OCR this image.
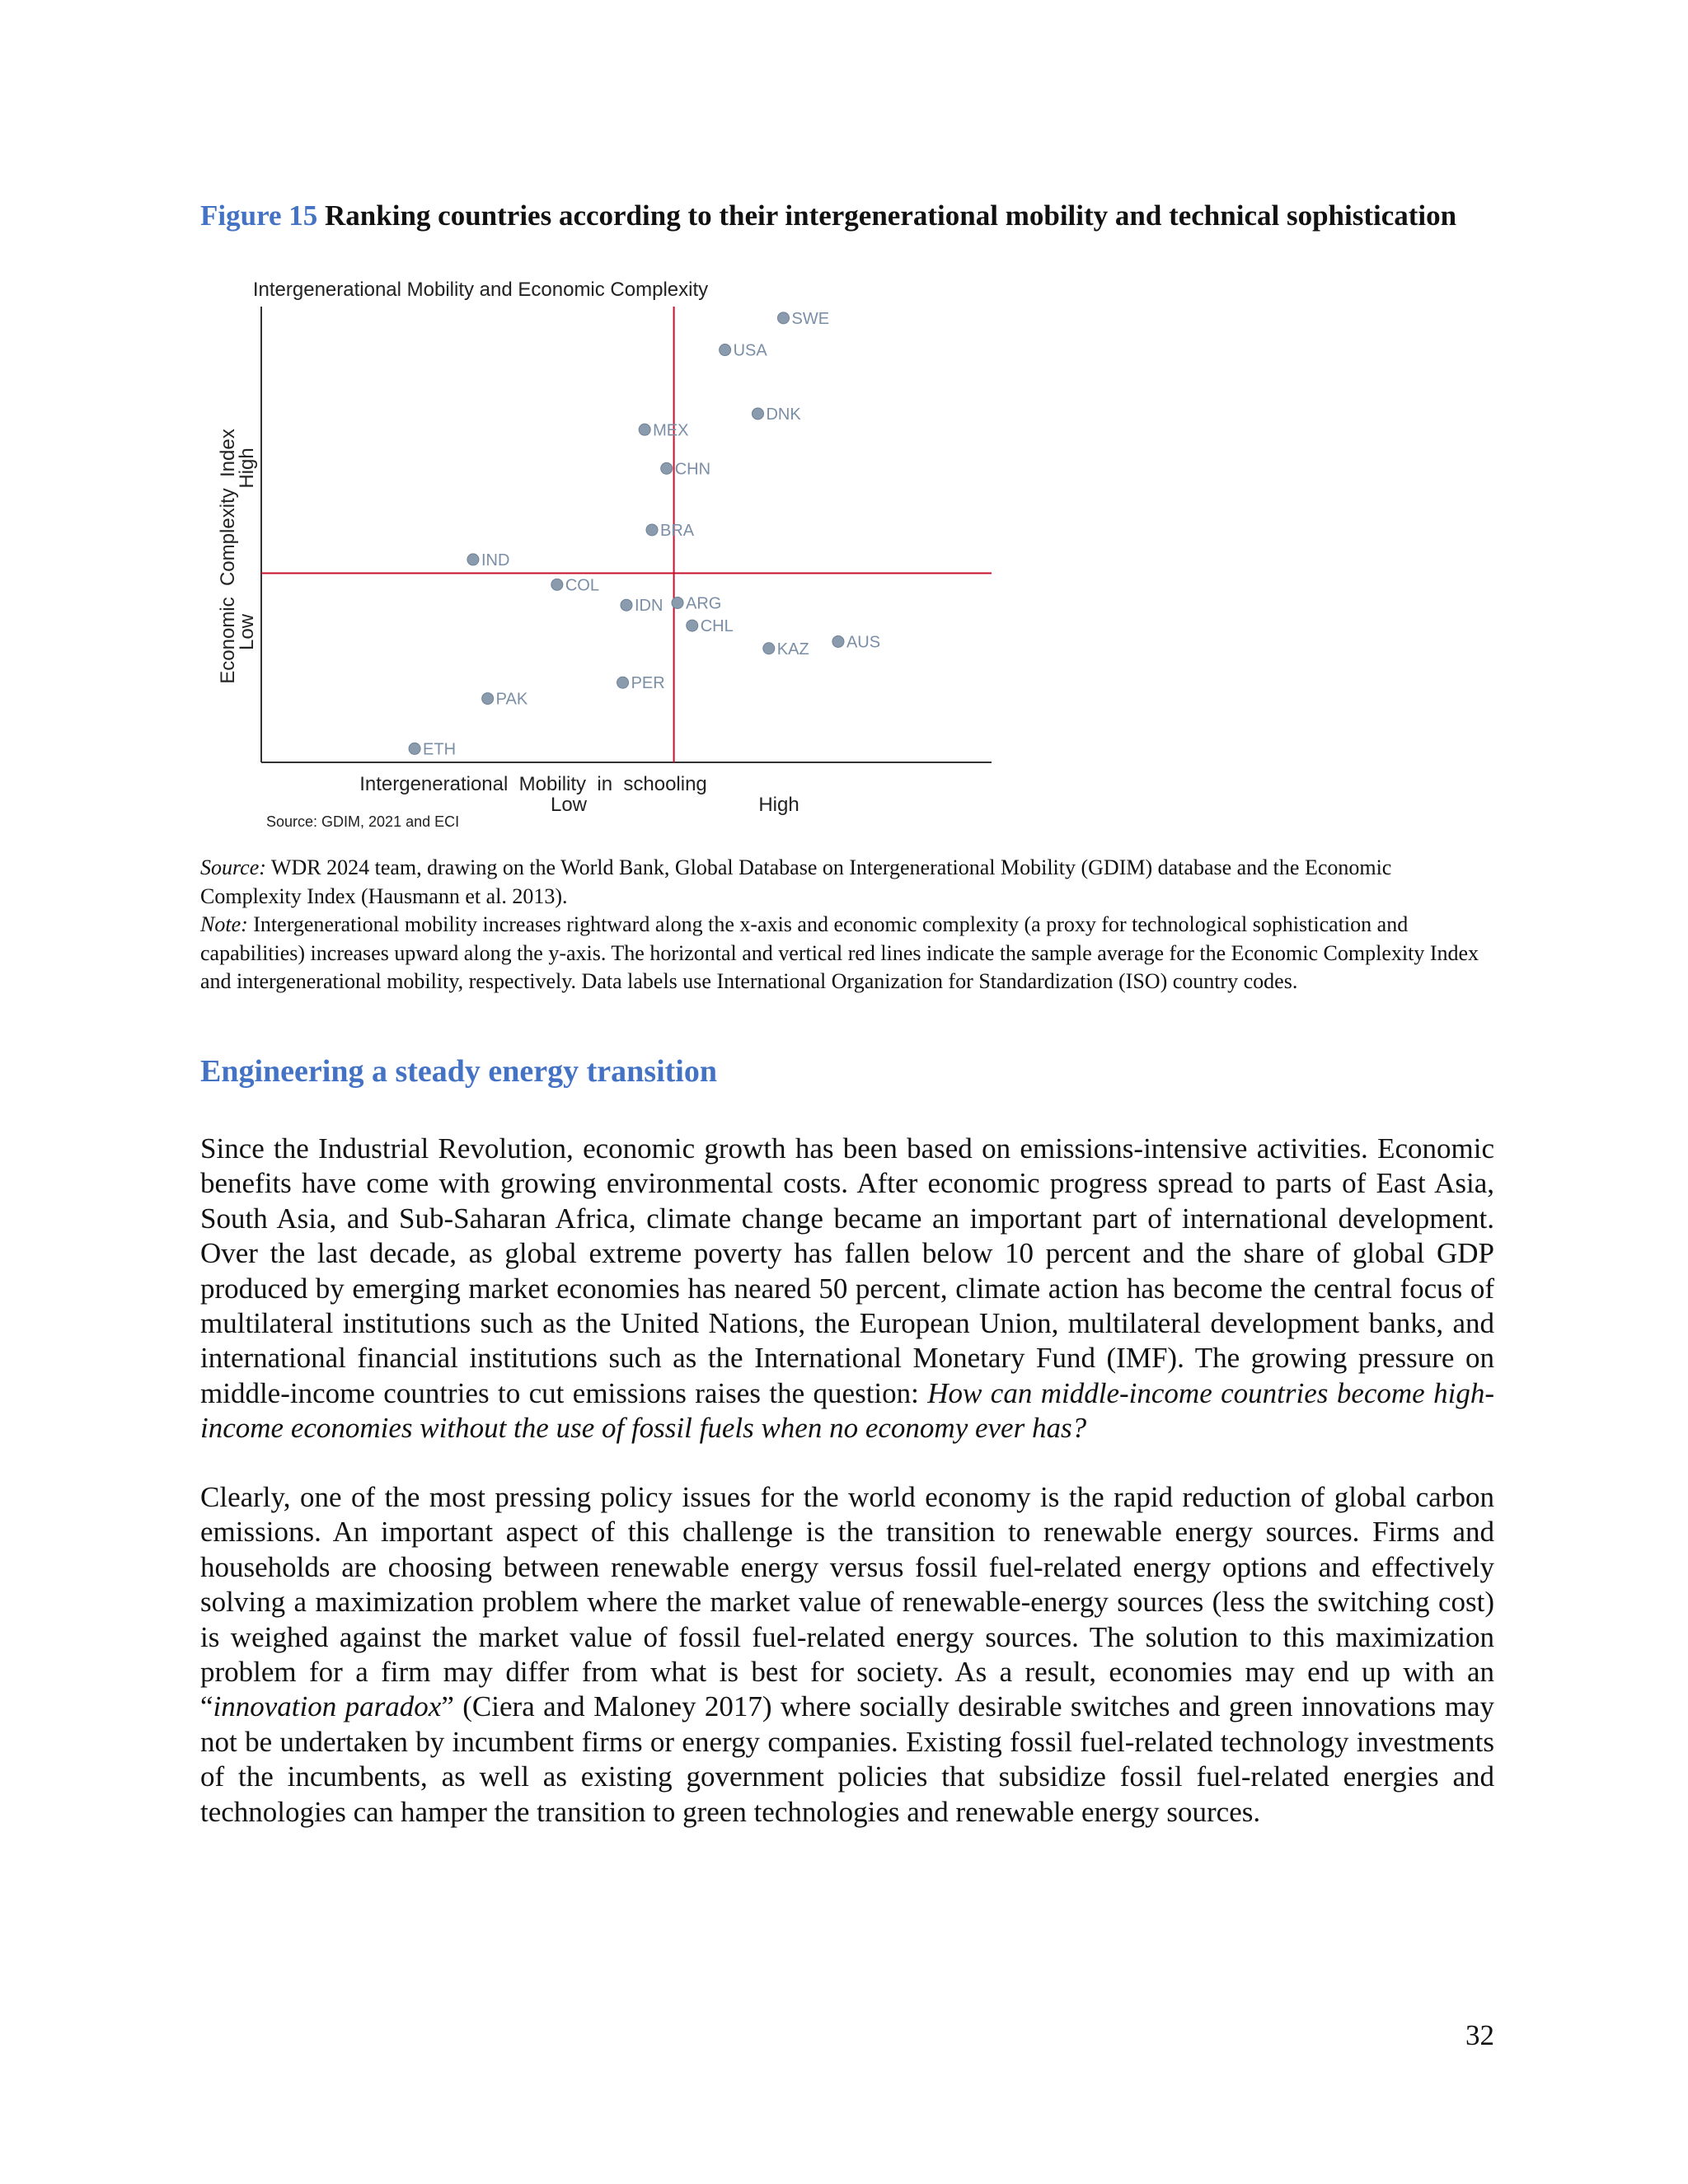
Figure 15 Ranking countries according to their intergenerational mobility and technical sophistication
Intergenerational Mobility and Economic Complexity
SWE
USA
DNK
MEX
CHN
BRA
IND
COL
IDN ARG
CHL
KAZ AUS
PER
PAK
ETH
Intergenerational  Mobility  in  schooling
Low	High
Economic  Complexity  Index
High
Low
Source: GDIM, 2021 and ECI

Source: WDR 2024 team, drawing on the World Bank, Global Database on Intergenerational Mobility (GDIM) database and the Economic Complexity Index (Hausmann et al. 2013).

Note: Intergenerational mobility increases rightward along the x-axis and economic complexity (a proxy for technological sophistication and capabilities) increases upward along the y-axis. The horizontal and vertical red lines indicate the sample average for the Economic Complexity Index and intergenerational mobility, respectively. Data labels use International Organization for Standardization (ISO) country codes.

Engineering a steady energy transition

Since the Industrial Revolution, economic growth has been based on emissions-intensive activities. Economic benefits have come with growing environmental costs. After economic progress spread to parts of East Asia, South Asia, and Sub-Saharan Africa, climate change became an important part of international development. Over the last decade, as global extreme poverty has fallen below 10 percent and the share of global GDP produced by emerging market economies has neared 50 percent, climate action has become the central focus of multilateral institutions such as the United Nations, the European Union, multilateral development banks, and international financial institutions such as the International Monetary Fund (IMF). The growing pressure on middle-income countries to cut emissions raises the question: How can middle-income countries become high-income economies without the use of fossil fuels when no economy ever has?

Clearly, one of the most pressing policy issues for the world economy is the rapid reduction of global carbon emissions. An important aspect of this challenge is the transition to renewable energy sources. Firms and households are choosing between renewable energy versus fossil fuel-related energy options and effectively solving a maximization problem where the market value of renewable-energy sources (less the switching cost) is weighed against the market value of fossil fuel-related energy sources. The solution to this maximization problem for a firm may differ from what is best for society. As a result, economies may end up with an “innovation paradox” (Ciera and Maloney 2017) where socially desirable switches and green innovations may not be undertaken by incumbent firms or energy companies. Existing fossil fuel-related technology investments of the incumbents, as well as existing government policies that subsidize fossil fuel-related energies and technologies can hamper the transition to green technologies and renewable energy sources.

32
